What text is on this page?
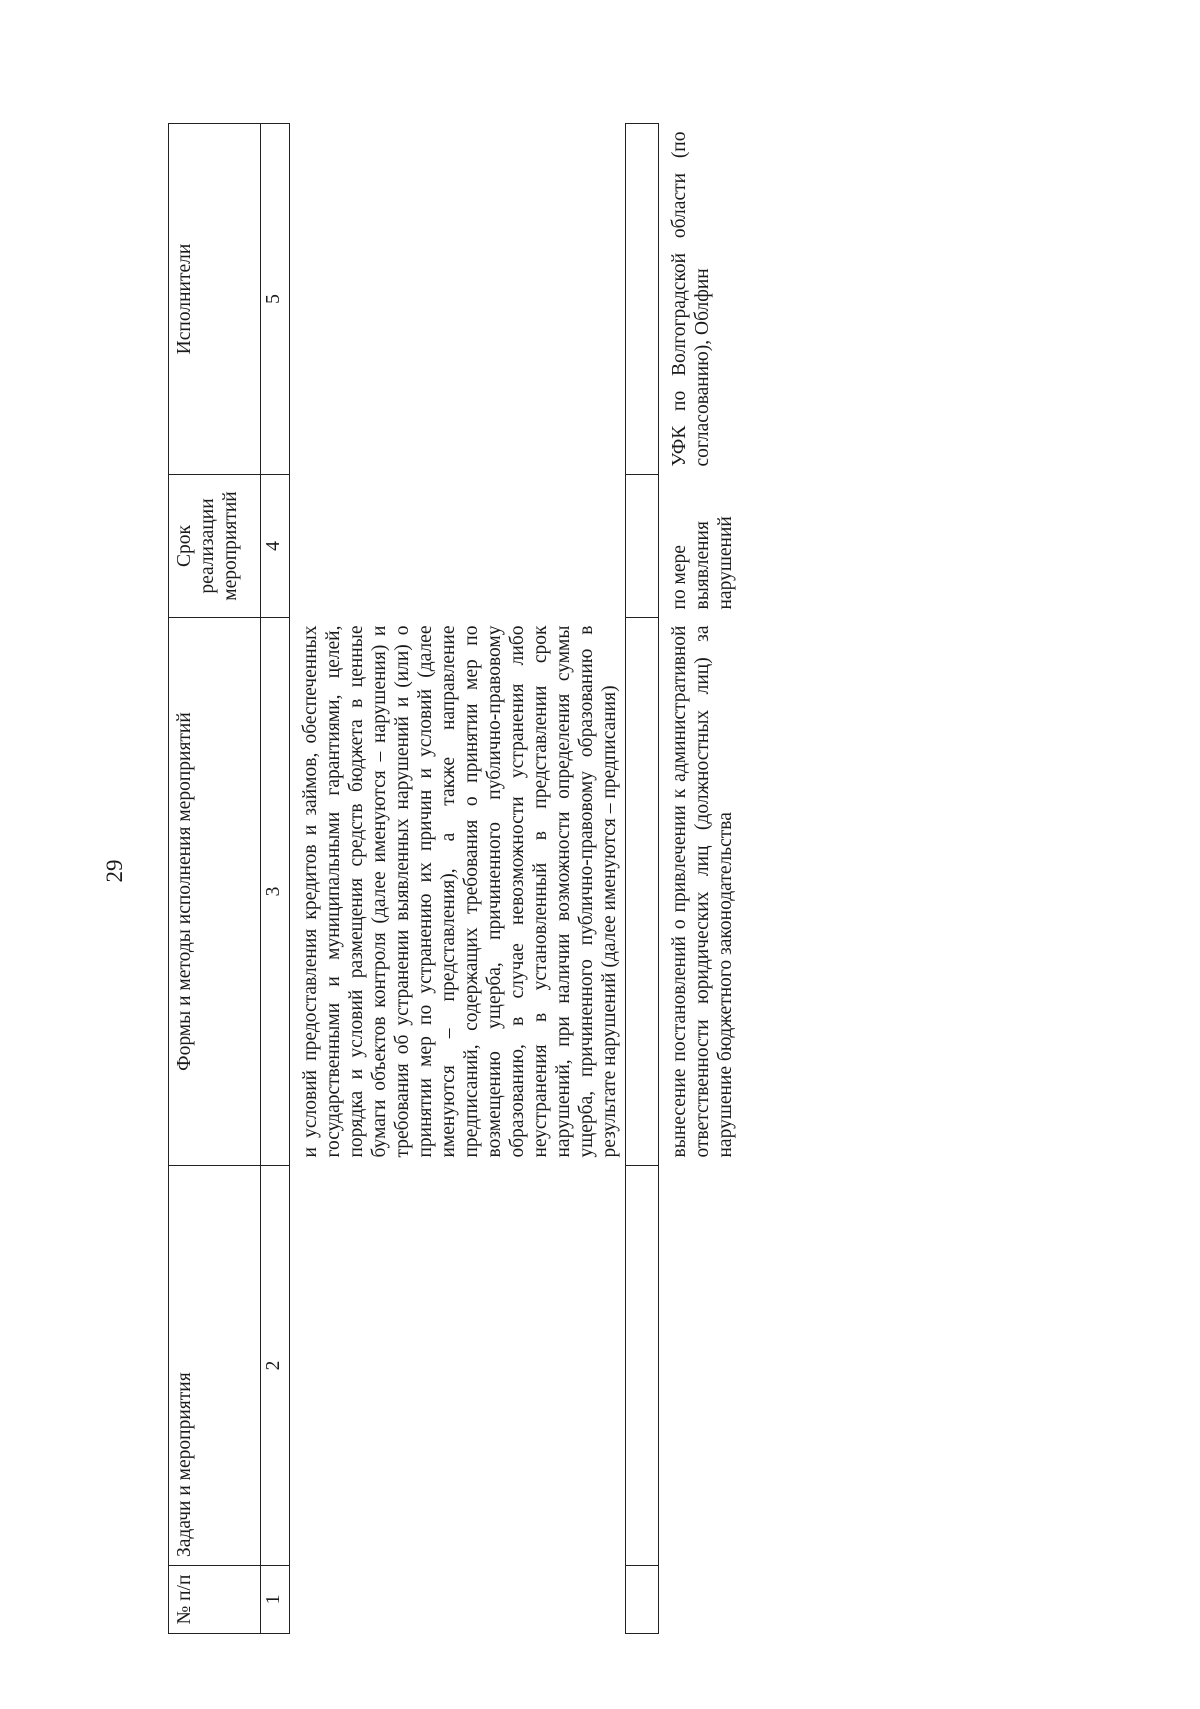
29
№ п/п	Задачи и мероприятия	Формы и методы исполнения мероприятий	Срок реализации мероприятий	Исполнители
1	2	3	4	5
		и условий предоставления кредитов и займов, обеспеченных государственными и муниципальными гарантиями, целей, порядка и условий размещения средств бюджета в ценные бумаги объектов контроля (далее именуются – нарушения) и требования об устранении выявленных нарушений и (или) о принятии мер по устранению их причин и условий (далее именуются – представления), а также направление предписаний, содержащих требования о принятии мер по возмещению ущерба, причиненного публично-правовому образованию, в случае невозможности устранения либо неустранения в установленный в представлении срок нарушений, при наличии возможности определения суммы ущерба, причиненного публично-правовому образованию в результате нарушений (далее именуются – предписания)		

		вынесение постановлений о привлечении к административной ответственности юридических лиц (должностных лиц) за нарушение бюджетного законодательства	по мере выявления нарушений	УФК по Волгоградской области (по согласованию), Облфин
